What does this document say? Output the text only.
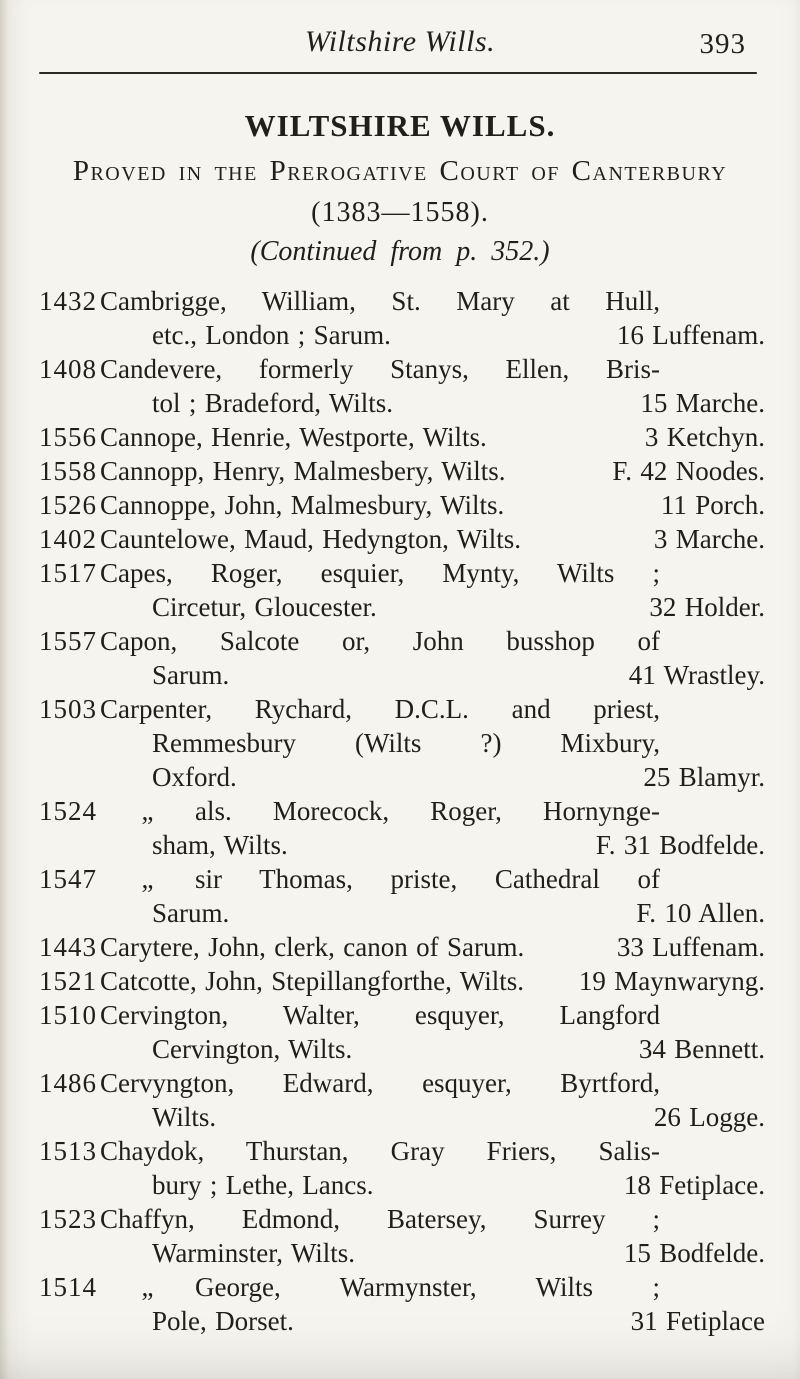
Wiltshire Wills.	393
WILTSHIRE WILLS.
Proved in the Prerogative Court of Canterbury
(1383—1558).
(Continued from p. 352.)
1432 Cambrigge, William, St. Mary at Hull,
etc., London ; Sarum.	16 Luffenam.
1408 Candevere, formerly Stanys, Ellen, Bris-
tol ; Bradeford, Wilts.	15 Marche.
1556 Cannope, Henrie, Westporte, Wilts.	3 Ketchyn.
1558 Cannopp, Henry, Malmesbery, Wilts.	F. 42 Noodes.
1526 Cannoppe, John, Malmesbury, Wilts.	11 Porch.
1402 Cauntelowe, Maud, Hedyngton, Wilts.	3 Marche.
1517 Capes, Roger, esquier, Mynty, Wilts ;
Circetur, Gloucester.	32 Holder.
1557 Capon, Salcote or, John busshop of
Sarum.	41 Wrastley.
1503 Carpenter, Rychard, D.C.L. and priest,
Remmesbury (Wilts ?) Mixbury,
Oxford.	25 Blamyr.
1524	„	als. Morecock, Roger, Hornynge-
sham, Wilts.	F. 31 Bodfelde.
1547	„	sir Thomas, priste, Cathedral of
Sarum.	F. 10 Allen.
1443 Carytere, John, clerk, canon of Sarum.	33 Luffenam.
1521 Catcotte, John, Stepillangforthe, Wilts.	19 Maynwaryng.
1510 Cervington, Walter, esquyer, Langford
Cervington, Wilts.	34 Bennett.
1486 Cervyngton, Edward, esquyer, Byrtford,
Wilts.	26 Logge.
1513 Chaydok, Thurstan, Gray Friers, Salis-
bury ; Lethe, Lancs.	18 Fetiplace.
1523 Chaffyn, Edmond, Batersey, Surrey ;
Warminster, Wilts.	15 Bodfelde.
1514	„	George, Warmynster, Wilts ;
Pole, Dorset.	31 Fetiplace
